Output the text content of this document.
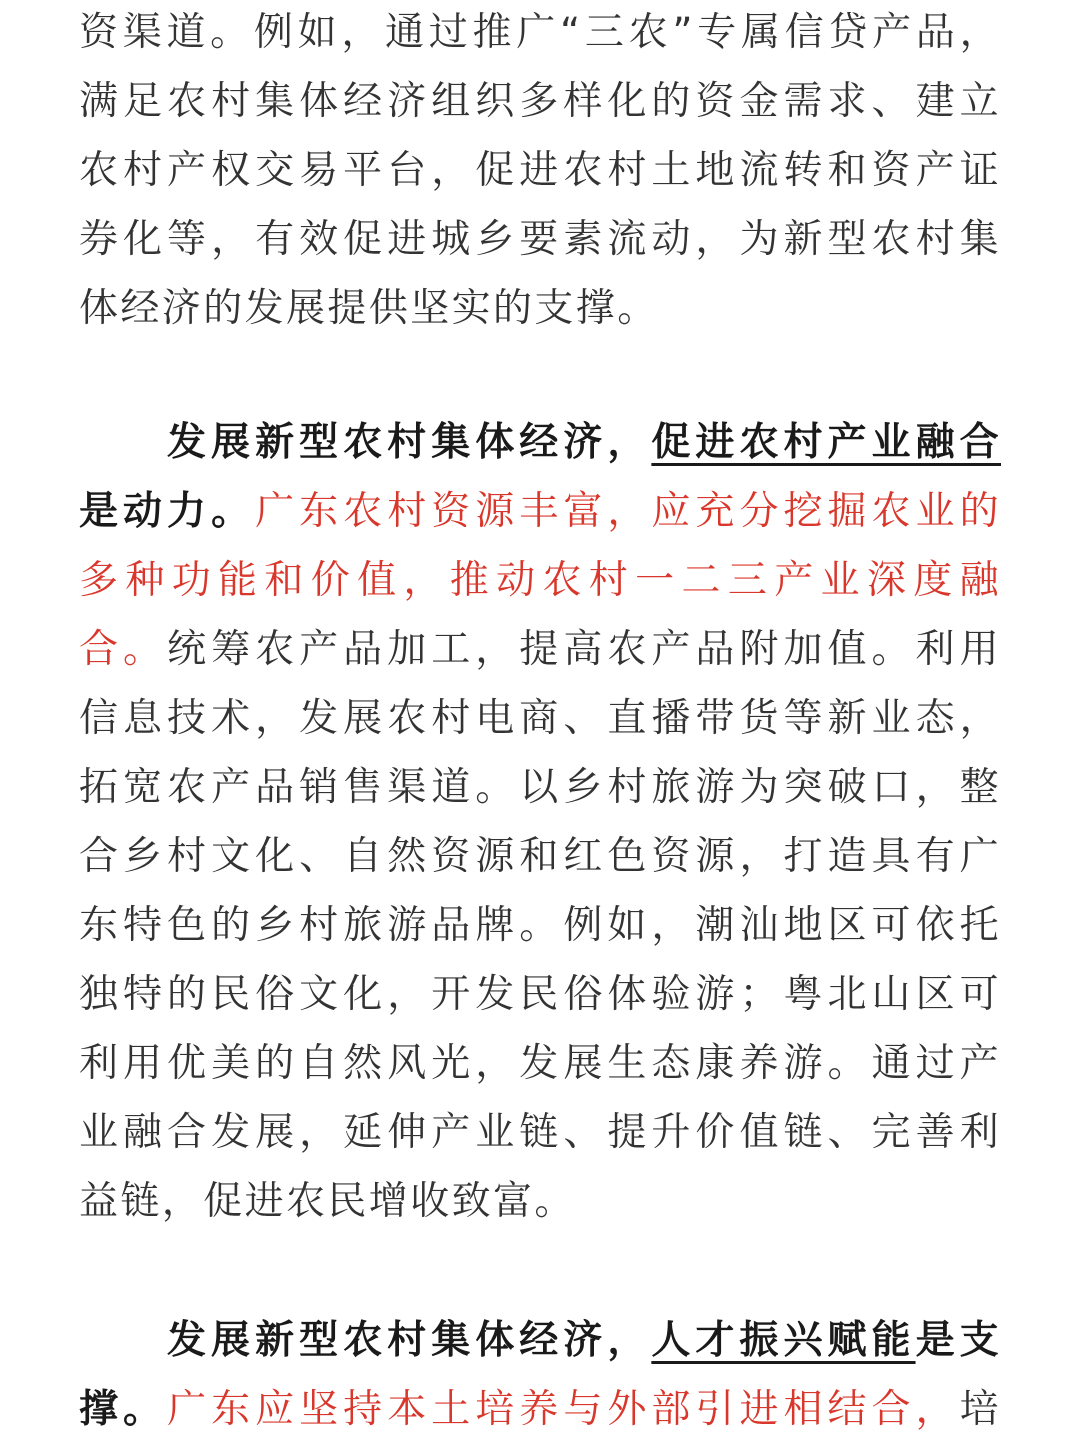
资渠道。例如，通过推广“三农”专属信贷产品，
满足农村集体经济组织多样化的资金需求、建立
农村产权交易平台，促进农村土地流转和资产证
券化等，有效促进城乡要素流动，为新型农村集
体经济的发展提供坚实的支撑。
发展新型农村集体经济，促进农村产业融合
是动力。广东农村资源丰富，应充分挖掘农业的
多种功能和价值，推动农村一二三产业深度融
合。统筹农产品加工，提高农产品附加值。利用
信息技术，发展农村电商、直播带货等新业态，
拓宽农产品销售渠道。以乡村旅游为突破口，整
合乡村文化、自然资源和红色资源，打造具有广
东特色的乡村旅游品牌。例如，潮汕地区可依托
独特的民俗文化，开发民俗体验游；粤北山区可
利用优美的自然风光，发展生态康养游。通过产
业融合发展，延伸产业链、提升价值链、完善利
益链，促进农民增收致富。
发展新型农村集体经济，人才振兴赋能是支
撑。广东应坚持本土培养与外部引进相结合，培
